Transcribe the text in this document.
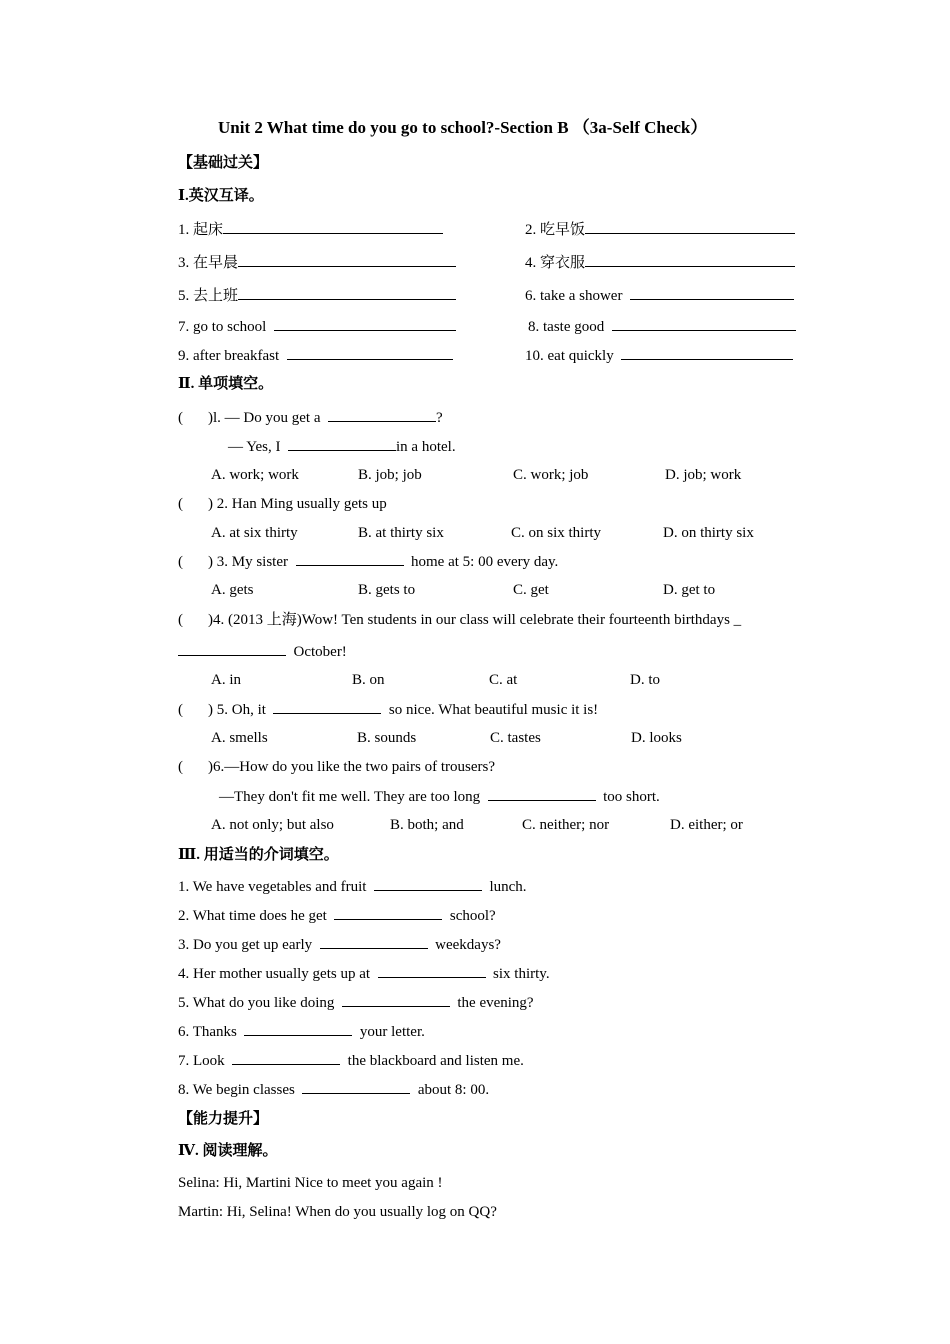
Unit 2 What time do you go to school?-Section B （3a-Self Check）
【基础过关】
Ⅰ.英汉互译。
1. 起床	2. 吃早饭
3. 在早晨	4. 穿衣服
5. 去上班	6. take a shower
7. go to school	8. taste good
9. after breakfast	10. eat quickly
Ⅱ. 单项填空。
( )l. — Do you get a	?
— Yes, I	in a hotel.
A. work; work	B. job; job	C. work; job	D. job; work
( ) 2. Han Ming usually gets up
A. at six thirty	B. at thirty six	C. on six thirty	D. on thirty six
( ) 3. My sister	home at 5: 00 every day.
A. gets	B. gets to	C. get	D. get to
( )4. (2013 上海)Wow! Ten students in our class will celebrate their fourteenth birthdays _
October!
A. in	B. on	C. at	D. to
( ) 5. Oh, it	so nice. What beautiful music it is!
A. smells	B. sounds	C. tastes	D. looks
( )6.—How do you like the two pairs of trousers?
—They don't fit me well. They are too long	too short.
A. not only; but also	B. both; and	C. neither; nor	D. either; or
Ⅲ. 用适当的介词填空。
1. We have vegetables and fruit	lunch.
2. What time does he get	school?
3. Do you get up early	weekdays?
4. Her mother usually gets up at	six thirty.
5. What do you like doing	the evening?
6. Thanks	your letter.
7. Look	the blackboard and listen me.
8. We begin classes	about 8: 00.
【能力提升】
Ⅳ. 阅读理解。
Selina: Hi, Martini Nice to meet you again !
Martin: Hi, Selina! When do you usually log on QQ?
